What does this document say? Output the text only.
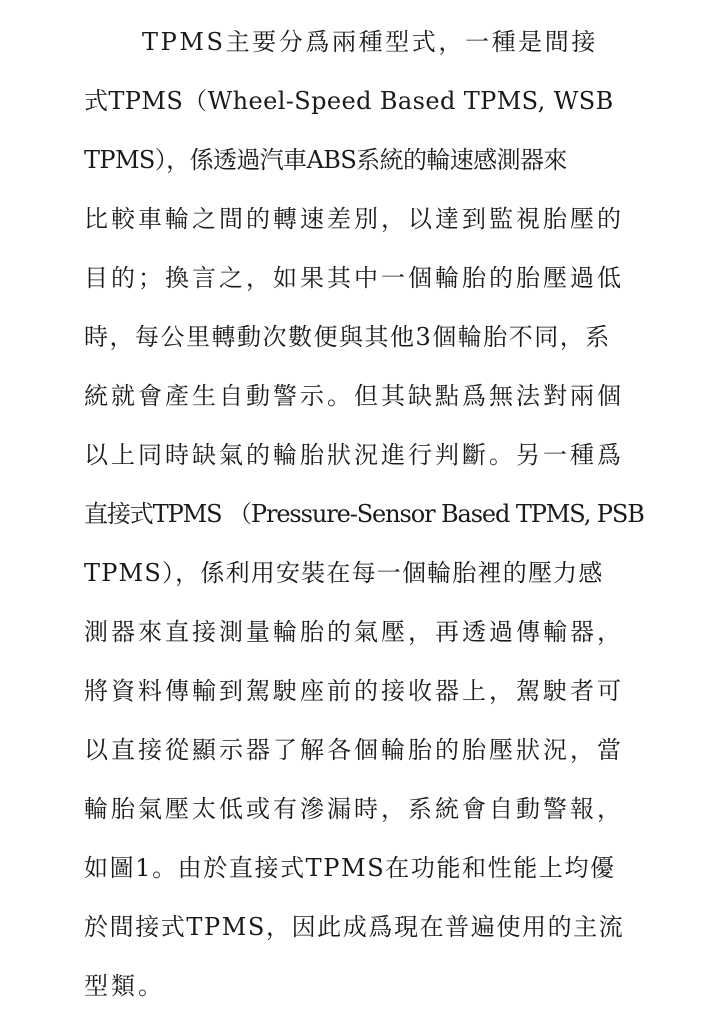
TPMS主要分爲兩種型式，一種是間接
式TPMS（Wheel-Speed Based TPMS, WSB
TPMS），係透過汽車ABS系統的輪速感測器來
比較車輪之間的轉速差別，以達到監視胎壓的
目的；換言之，如果其中一個輪胎的胎壓過低
時，每公里轉動次數便與其他3個輪胎不同，系
統就會產生自動警示。但其缺點爲無法對兩個
以上同時缺氣的輪胎狀況進行判斷。另一種爲
直接式TPMS （Pressure-Sensor Based TPMS, PSB
TPMS），係利用安裝在每一個輪胎裡的壓力感
測器來直接測量輪胎的氣壓，再透過傳輸器，
將資料傳輸到駕駛座前的接收器上，駕駛者可
以直接從顯示器了解各個輪胎的胎壓狀況，當
輪胎氣壓太低或有滲漏時，系統會自動警報，
如圖1。由於直接式TPMS在功能和性能上均優
於間接式TPMS，因此成爲現在普遍使用的主流
型類。
